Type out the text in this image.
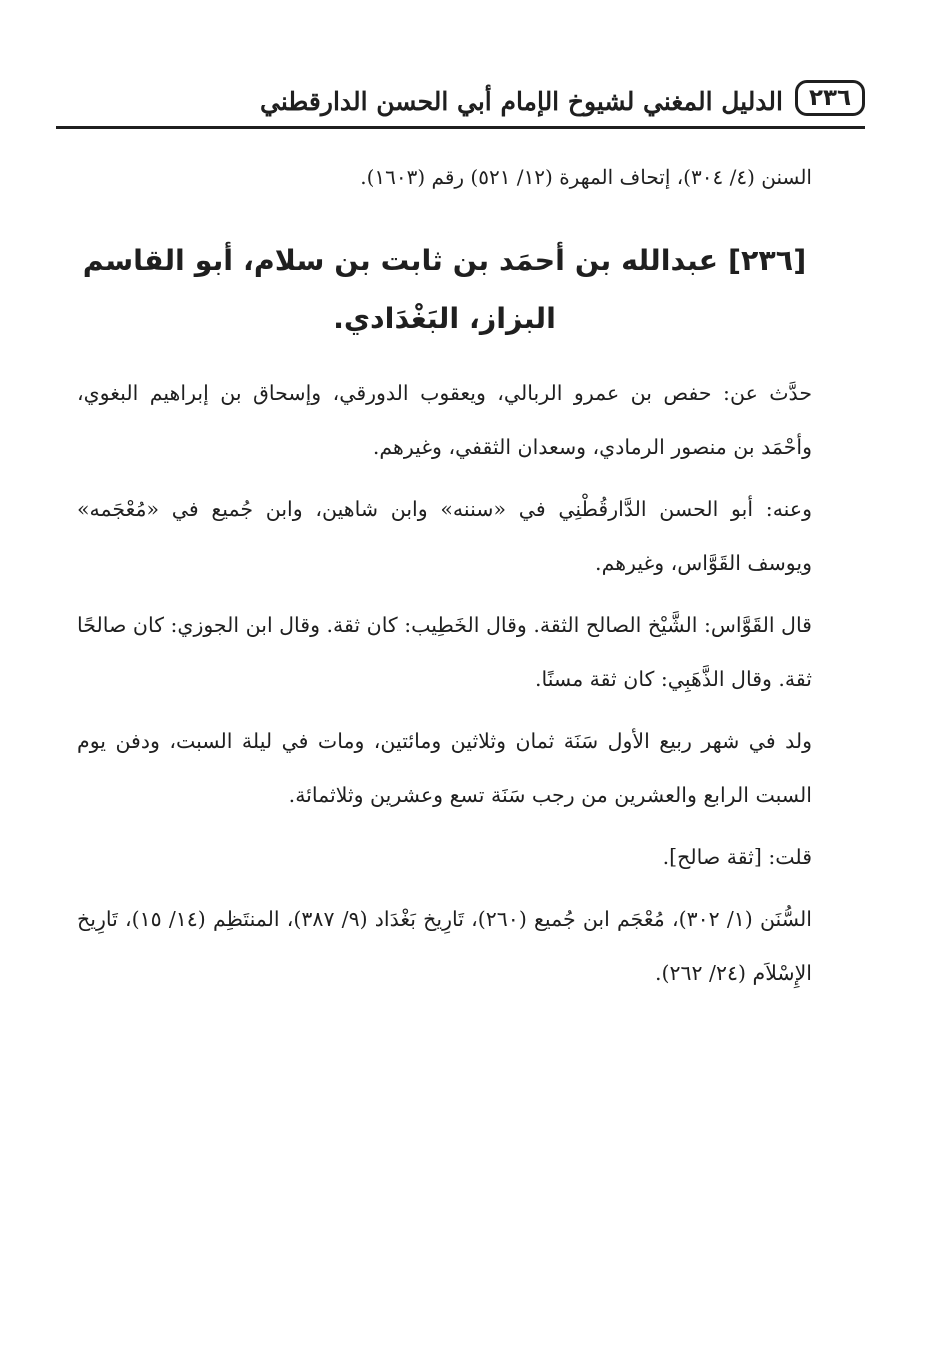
الدليل المغني لشيوخ الإمام أبي الحسن الدارقطني	٢٣٦
السنن (٤/ ٣٠٤)، إتحاف المهرة (١٢/ ٥٢١) رقم (١٦٠٣).
[٢٣٦] عبدالله بن أحمَد بن ثابت بن سلام، أبو القاسم البزاز، البَغْدَادي.

حدَّث عن: حفص بن عمرو الربالي، ويعقوب الدورقي، وإسحاق بن إبراهيم البغوي، وأحْمَد بن منصور الرمادي، وسعدان الثقفي، وغيرهم.

وعنه: أبو الحسن الدَّارقُطْنِي في «سننه» وابن شاهين، وابن جُميع في «مُعْجَمه» ويوسف القَوَّاس، وغيرهم.

قال القَوَّاس: الشَّيْخ الصالح الثقة. وقال الخَطِيب: كان ثقة. وقال ابن الجوزي: كان صالحًا ثقة. وقال الذَّهَبِي: كان ثقة مسنًا.

ولد في شهر ربيع الأول سَنَة ثمان وثلاثين ومائتين، ومات في ليلة السبت، ودفن يوم السبت الرابع والعشرين من رجب سَنَة تسع وعشرين وثلاثمائة.

قلت: [ثقة صالح].

السُّنَن (١/ ٣٠٢)، مُعْجَم ابن جُميع (٢٦٠)، تَارِيخ بَغْدَاد (٩/ ٣٨٧)، المنتَظِم (١٤/ ١٥)، تَارِيخ الإِسْلاَم (٢٤/ ٢٦٢).
